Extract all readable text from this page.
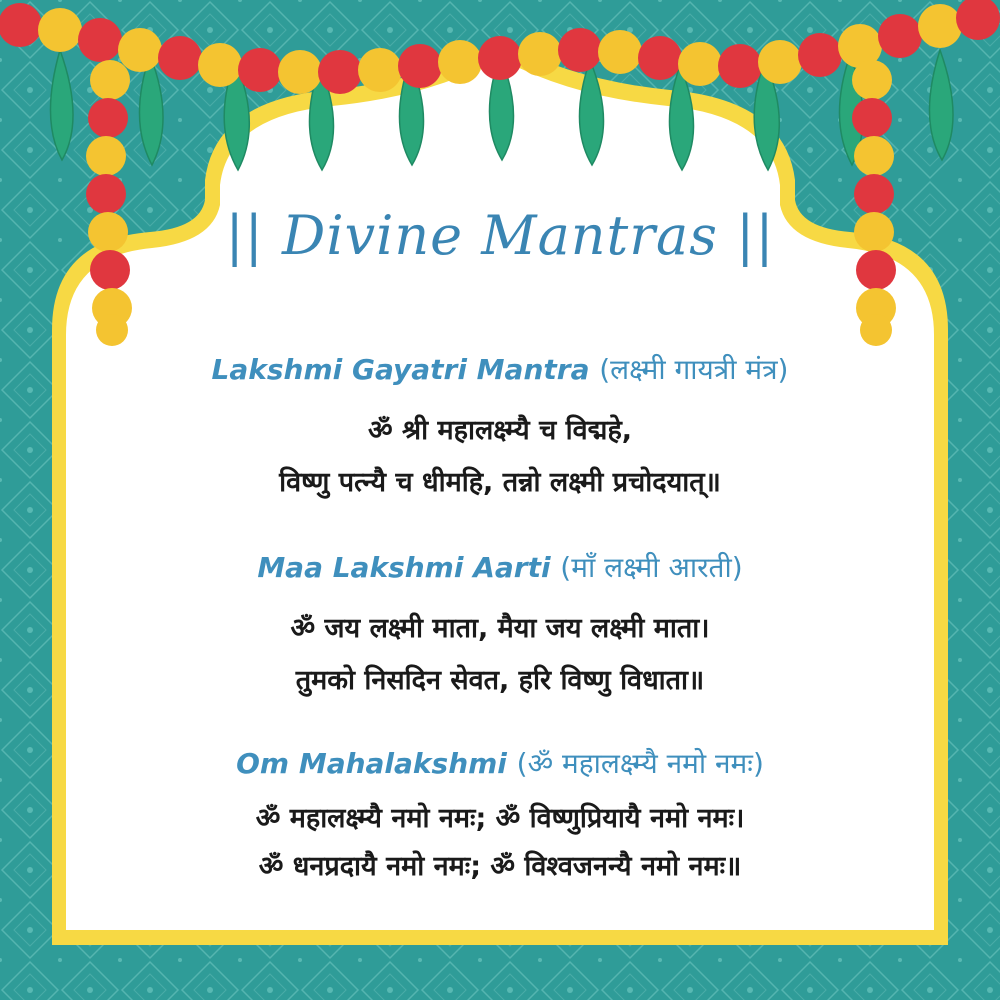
|| Divine Mantras ||
Lakshmi Gayatri Mantra (लक्ष्मी गायत्री मंत्र)
ॐ श्री महालक्ष्म्यै च विद्महे,
विष्णु पत्न्यै च धीमहि, तन्नो लक्ष्मी प्रचोदयात्॥
Maa Lakshmi Aarti (माँ लक्ष्मी आरती)
ॐ जय लक्ष्मी माता, मैया जय लक्ष्मी माता।
तुमको निसदिन सेवत, हरि विष्णु विधाता॥
Om Mahalakshmi (ॐ महालक्ष्म्यै नमो नमः)
ॐ महालक्ष्म्यै नमो नमः; ॐ विष्णुप्रियायै नमो नमः।
ॐ धनप्रदायै नमो नमः; ॐ विश्वजनन्यै नमो नमः॥
